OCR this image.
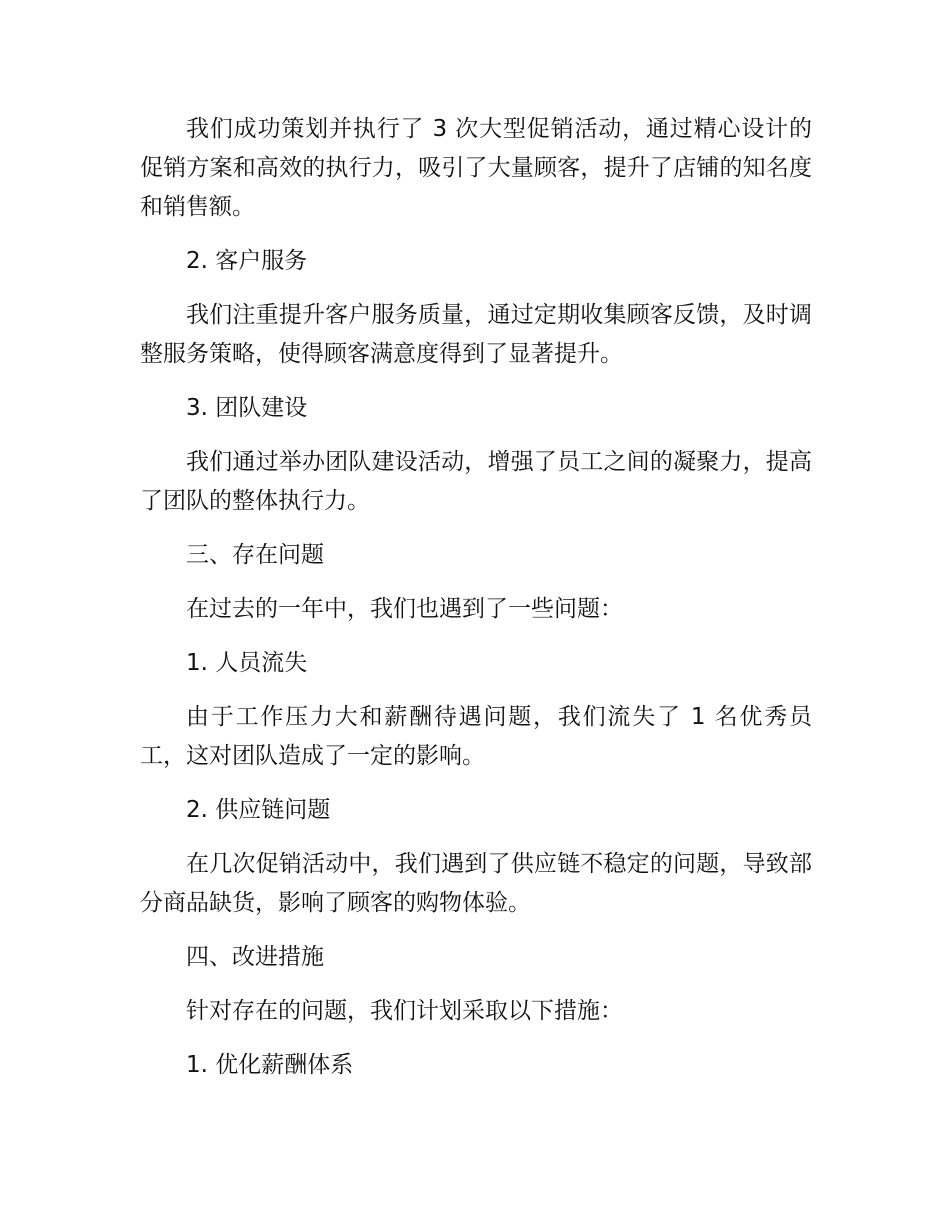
我们成功策划并执行了 3 次大型促销活动，通过精心设计的促销方案和高效的执行力，吸引了大量顾客，提升了店铺的知名度和销售额。

2. 客户服务

我们注重提升客户服务质量，通过定期收集顾客反馈，及时调整服务策略，使得顾客满意度得到了显著提升。

3. 团队建设

我们通过举办团队建设活动，增强了员工之间的凝聚力，提高了团队的整体执行力。

三、存在问题

在过去的一年中，我们也遇到了一些问题：

1. 人员流失

由于工作压力大和薪酬待遇问题，我们流失了 1 名优秀员工，这对团队造成了一定的影响。

2. 供应链问题

在几次促销活动中，我们遇到了供应链不稳定的问题，导致部分商品缺货，影响了顾客的购物体验。

四、改进措施

针对存在的问题，我们计划采取以下措施：

1. 优化薪酬体系
